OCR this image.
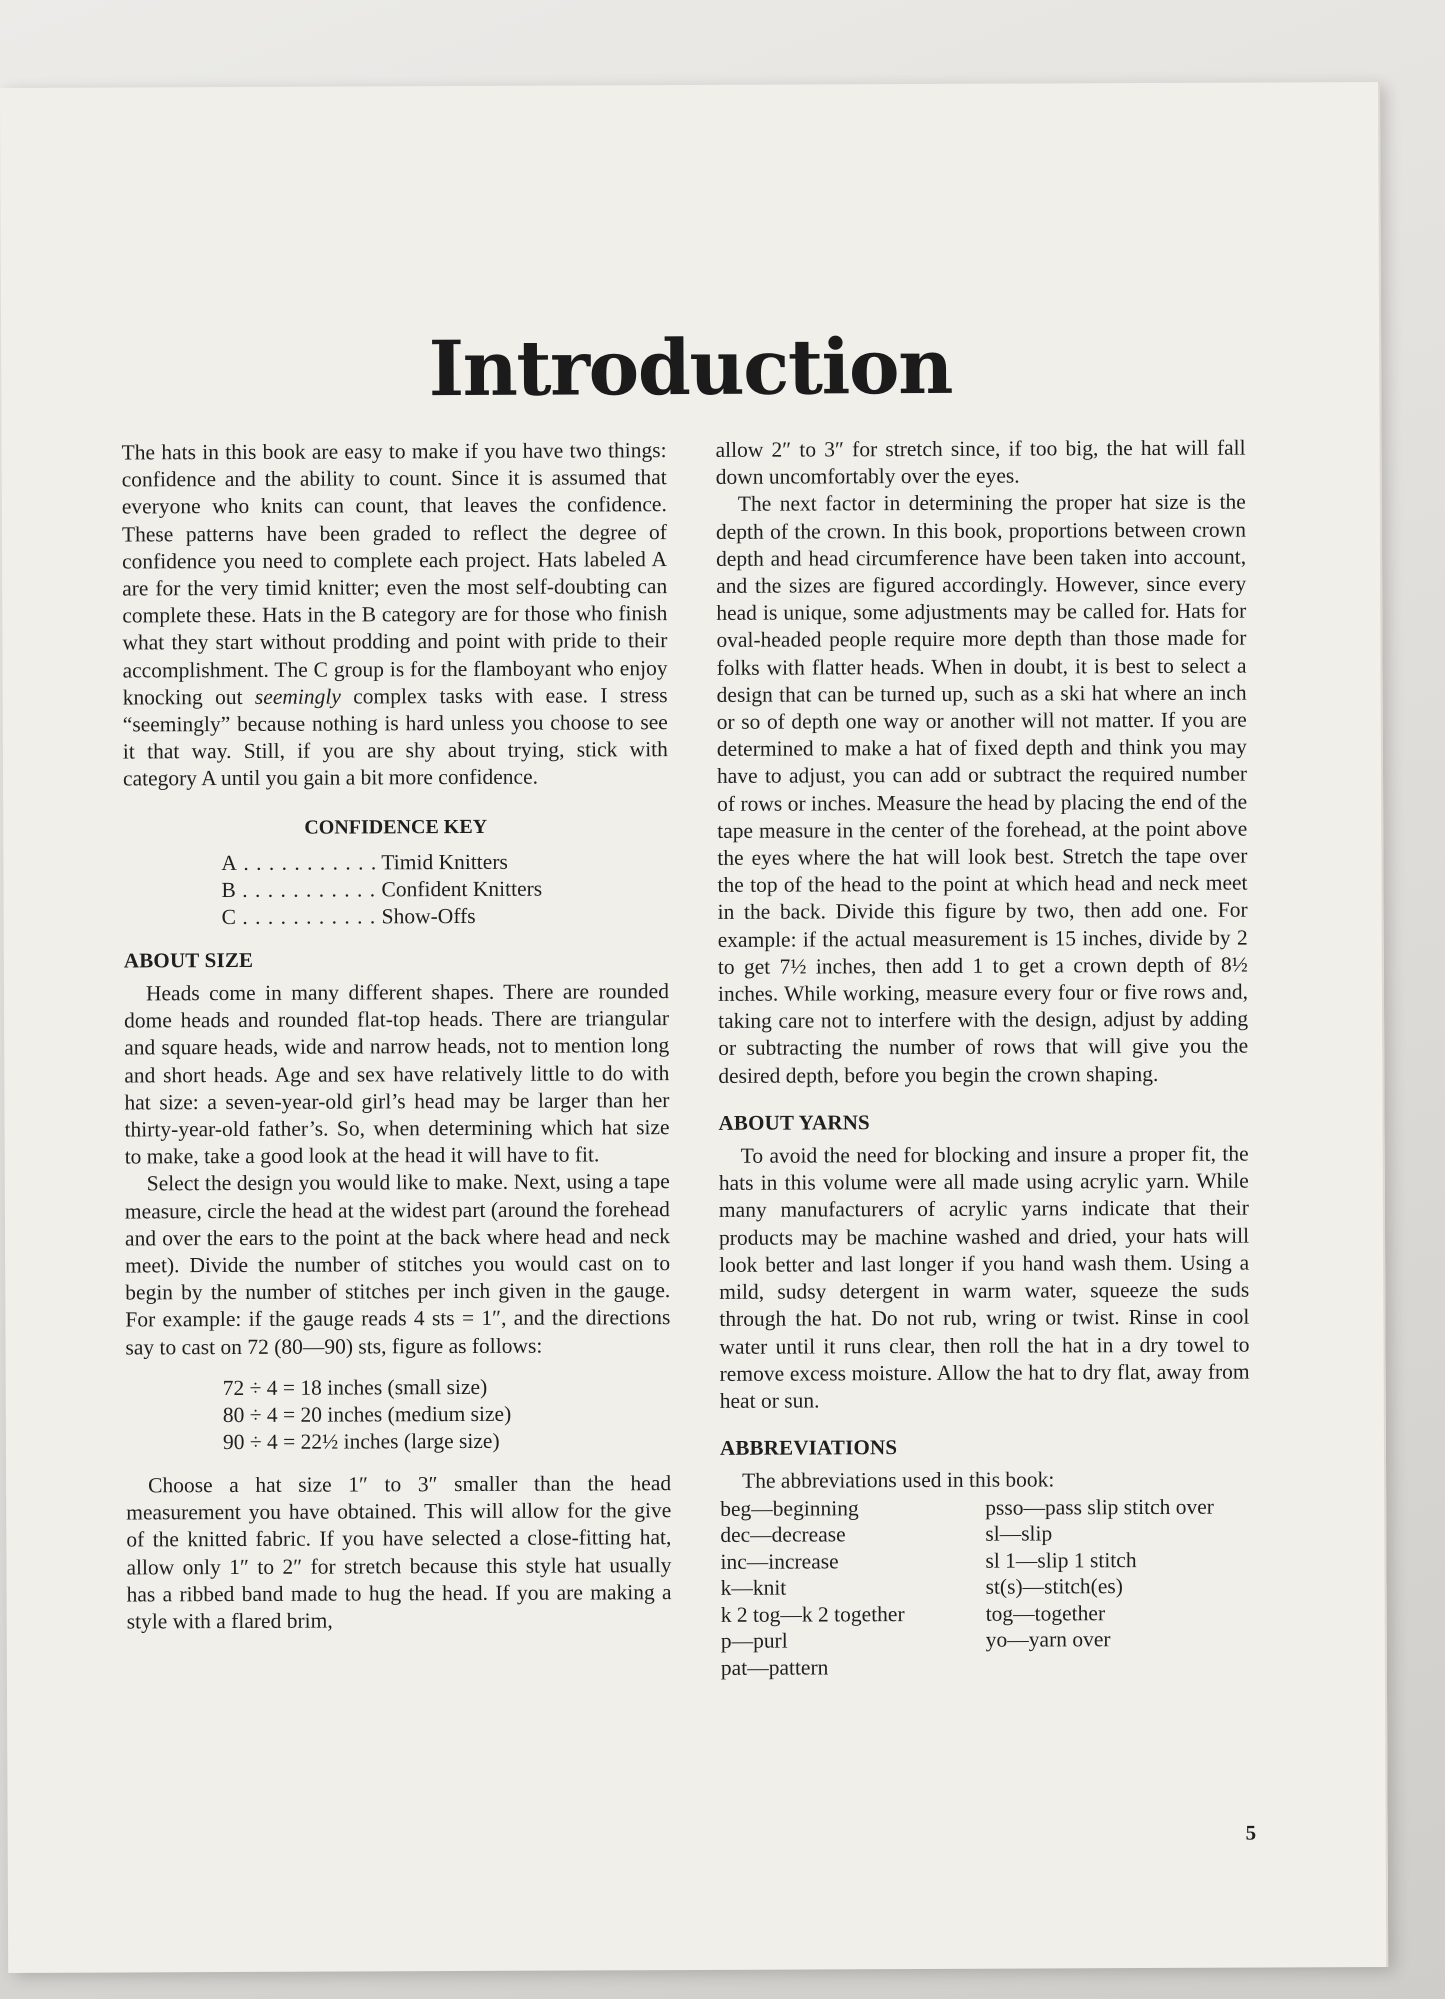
Introduction

The hats in this book are easy to make if you have two things: confidence and the ability to count. Since it is assumed that everyone who knits can count, that leaves the confidence. These patterns have been graded to reflect the degree of confidence you need to complete each project. Hats labeled A are for the very timid knitter; even the most self-doubting can complete these. Hats in the B category are for those who finish what they start without prodding and point with pride to their accomplishment. The C group is for the flamboyant who enjoy knocking out seemingly complex tasks with ease. I stress “seemingly” because nothing is hard unless you choose to see it that way. Still, if you are shy about trying, stick with category A until you gain a bit more confidence.

CONFIDENCE KEY
A . . .	Timid Knitters
B . . .	Confident Knitters
C . . .	Show-Offs
ABOUT SIZE

Heads come in many different shapes. There are rounded dome heads and rounded flat-top heads. There are triangular and square heads, wide and narrow heads, not to mention long and short heads. Age and sex have relatively little to do with hat size: a seven-year-old girl’s head may be larger than her thirty-year-old father’s. So, when determining which hat size to make, take a good look at the head it will have to fit.

Select the design you would like to make. Next, using a tape measure, circle the head at the widest part (around the forehead and over the ears to the point at the back where head and neck meet). Divide the number of stitches you would cast on to begin by the number of stitches per inch given in the gauge. For example: if the gauge reads 4 sts = 1″, and the directions say to cast on 72 (80—90) sts, figure as follows:

72 ÷ 4 = 18 inches (small size)
80 ÷ 4 = 20 inches (medium size)
90 ÷ 4 = 22½ inches (large size)

Choose a hat size 1″ to 3″ smaller than the head measurement you have obtained. This will allow for the give of the knitted fabric. If you have selected a close-fitting hat, allow only 1″ to 2″ for stretch because this style hat usually has a ribbed band made to hug the head. If you are making a style with a flared brim,

allow 2″ to 3″ for stretch since, if too big, the hat will fall down uncomfortably over the eyes.

The next factor in determining the proper hat size is the depth of the crown. In this book, proportions between crown depth and head circumference have been taken into account, and the sizes are figured accordingly. However, since every head is unique, some adjustments may be called for. Hats for oval-headed people require more depth than those made for folks with flatter heads. When in doubt, it is best to select a design that can be turned up, such as a ski hat where an inch or so of depth one way or another will not matter. If you are determined to make a hat of fixed depth and think you may have to adjust, you can add or subtract the required number of rows or inches. Measure the head by placing the end of the tape measure in the center of the forehead, at the point above the eyes where the hat will look best. Stretch the tape over the top of the head to the point at which head and neck meet in the back. Divide this figure by two, then add one. For example: if the actual measurement is 15 inches, divide by 2 to get 7½ inches, then add 1 to get a crown depth of 8½ inches. While working, measure every four or five rows and, taking care not to interfere with the design, adjust by adding or subtracting the number of rows that will give you the desired depth, before you begin the crown shaping.

ABOUT YARNS

To avoid the need for blocking and insure a proper fit, the hats in this volume were all made using acrylic yarn. While many manufacturers of acrylic yarns indicate that their products may be machine washed and dried, your hats will look better and last longer if you hand wash them. Using a mild, sudsy detergent in warm water, squeeze the suds through the hat. Do not rub, wring or twist. Rinse in cool water until it runs clear, then roll the hat in a dry towel to remove excess moisture. Allow the hat to dry flat, away from heat or sun.

ABBREVIATIONS

The abbreviations used in this book:

beg—beginning
dec—decrease
inc—increase
k—knit
k 2 tog—k 2 together
p—purl
pat—pattern
psso—pass slip stitch over
sl—slip
sl 1—slip 1 stitch
st(s)—stitch(es)
tog—together
yo—yarn over
5
